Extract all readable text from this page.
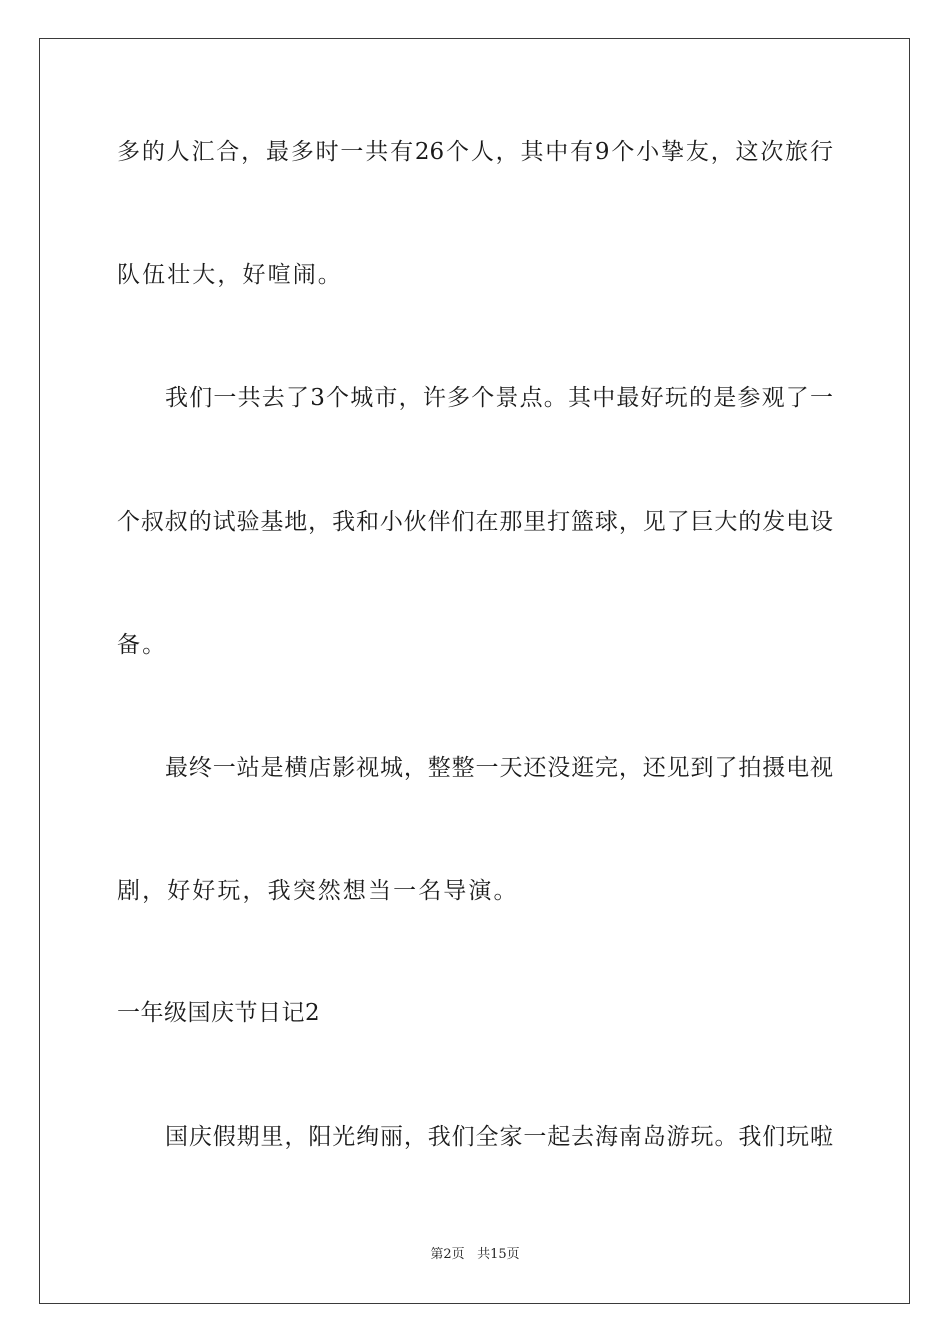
多的人汇合，最多时一共有26个人，其中有9个小挚友，这次旅行
队伍壮大，好喧闹。
我们一共去了3个城市，许多个景点。其中最好玩的是参观了一
个叔叔的试验基地，我和小伙伴们在那里打篮球，见了巨大的发电设
备。
最终一站是横店影视城，整整一天还没逛完，还见到了拍摄电视
剧，好好玩，我突然想当一名导演。
一年级国庆节日记2
国庆假期里，阳光绚丽，我们全家一起去海南岛游玩。我们玩啦
第2页 共15页
